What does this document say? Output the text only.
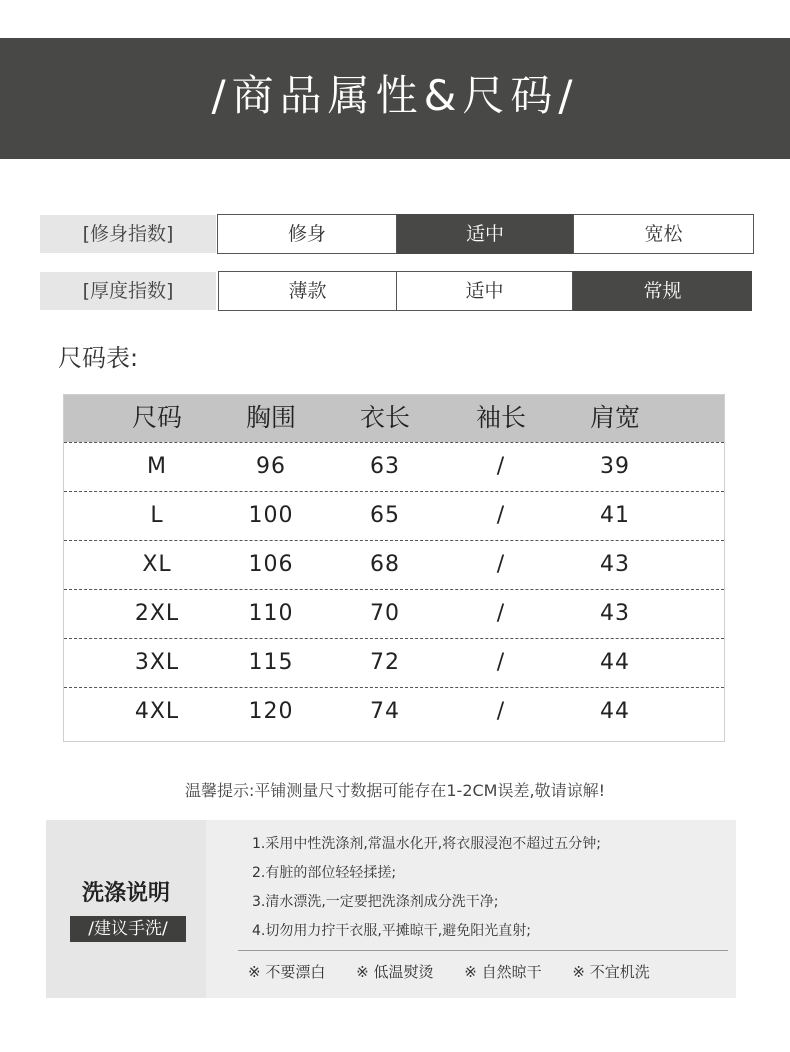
/商品属性&尺码/
[修身指数]	修身	适中	宽松
[厚度指数]	薄款	适中	常规
尺码表:
尺码	胸围	衣长	袖长	肩宽
M	96	63	/	39
L	100	65	/	41
XL	106	68	/	43
2XL	110	70	/	43
3XL	115	72	/	44
4XL	120	74	/	44
温馨提示:平铺测量尺寸数据可能存在1-2CM误差,敬请谅解!
洗涤说明
/建议手洗/
1.采用中性洗涤剂,常温水化开,将衣服浸泡不超过五分钟;
2.有脏的部位轻轻揉搓;
3.清水漂洗,一定要把洗涤剂成分洗干净;
4.切勿用力拧干衣服,平摊晾干,避免阳光直射;
※ 不要漂白 ※ 低温熨烫 ※ 自然晾干 ※ 不宜机洗
